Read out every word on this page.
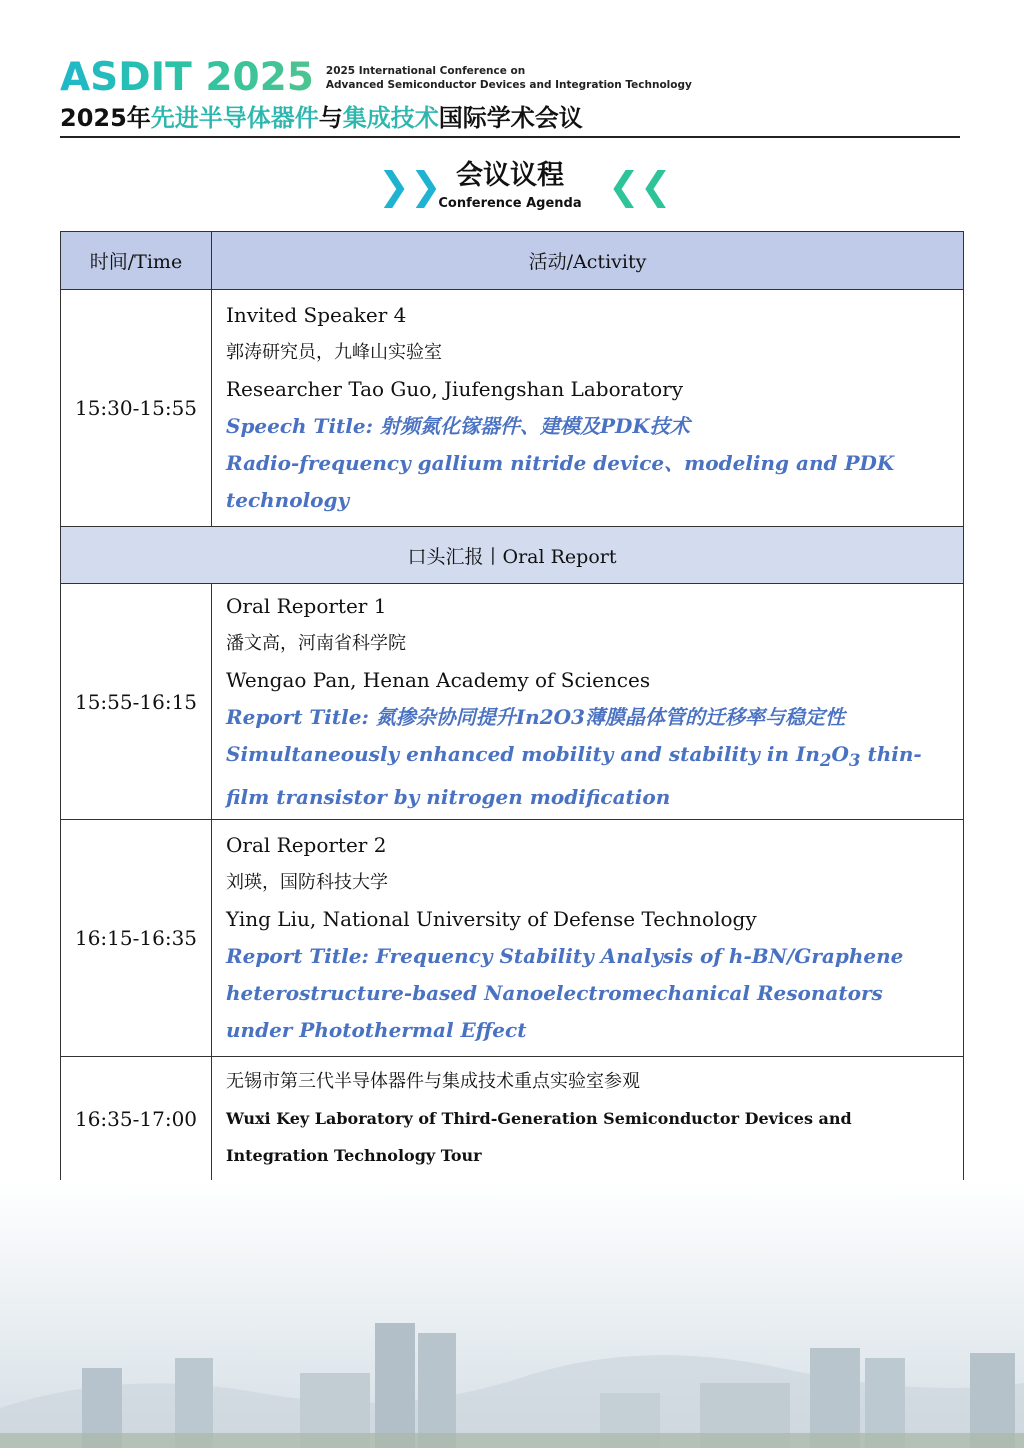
ASDIT 2025 2025 International Conference on
Advanced Semiconductor Devices and Integration Technology
2025年先进半导体器件与集成技术国际学术会议
❯❯ 会议议程
Conference Agenda ❮❮
时间/Time	活动/Activity
15:30-15:55	Invited Speaker 4
郭涛研究员，九峰山实验室
Researcher Tao Guo, Jiufengshan Laboratory
Speech Title: 射频氮化镓器件、建模及PDK技术
Radio-frequency gallium nitride device、modeling and PDK technology

口头汇报丨Oral Report	
15:55-16:15	Oral Reporter 1
潘文高，河南省科学院
Wengao Pan, Henan Academy of Sciences
Report Title: 氮掺杂协同提升In2O3薄膜晶体管的迁移率与稳定性
Simultaneously enhanced mobility and stability in $In_2O_3$ thin-film transistor by nitrogen modification

16:15-16:35	Oral Reporter 2
刘瑛，国防科技大学
Ying Liu, National University of Defense Technology
Report Title: Frequency Stability Analysis of h-BN/Graphene heterostructure-based Nanoelectromechanical Resonators under Photothermal Effect

16:35-17:00	无锡市第三代半导体器件与集成技术重点实验室参观
Wuxi Key Laboratory of Third-Generation Semiconductor Devices and
Integration Technology Tour
